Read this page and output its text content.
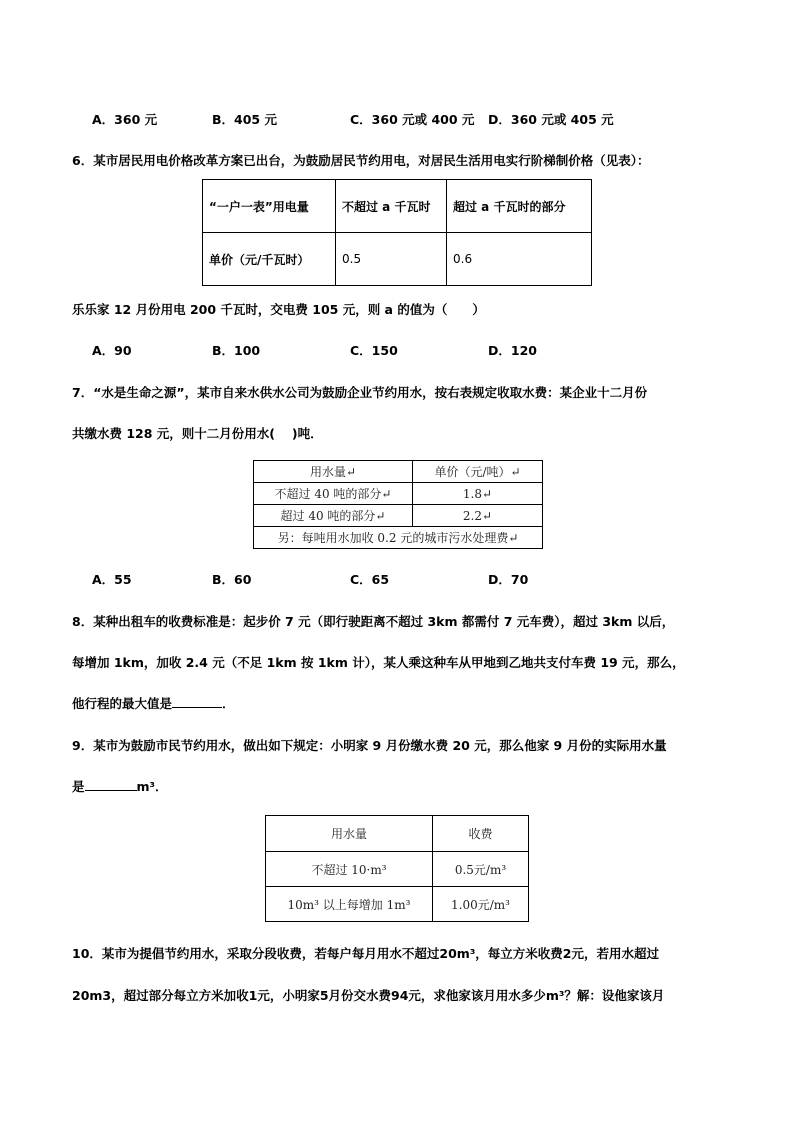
A．360 元	B．405 元	C．360 元或 400 元 D．360 元或 405 元
6．某市居民用电价格改革方案已出台，为鼓励居民节约用电，对居民生活用电实行阶梯制价格（见表）：
“一户一表”用电量	不超过 a 千瓦时	超过 a 千瓦时的部分
单价（元/千瓦时）	0.5	0.6
乐乐家 12 月份用电 200 千瓦时，交电费 105 元，则 a 的值为（　　）
A．90	B．100	C．150	D．120
7．“水是生命之源”，某市自来水供水公司为鼓励企业节约用水，按右表规定收取水费：某企业十二月份
共缴水费 128 元，则十二月份用水(　 )吨．
用水量↵	单价（元/吨）↵
不超过 40 吨的部分↵	1.8↵
超过 40 吨的部分↵	2.2↵
另：每吨用水加收 0.2 元的城市污水处理费↵	
A．55	B．60	C．65	D．70
8．某种出租车的收费标准是：起步价 7 元（即行驶距离不超过 3km 都需付 7 元车费），超过 3km 以后，
每增加 1km，加收 2.4 元（不足 1km 按 1km 计），某人乘这种车从甲地到乙地共支付车费 19 元，那么，
他行程的最大值是	．
9．某市为鼓励市民节约用水，做出如下规定：小明家 9 月份缴水费 20 元，那么他家 9 月份的实际用水量
是	m³．
用水量	收费
不超过 10·m³	0.5元/m³
10m³ 以上每增加 1m³	1.00元/m³
10．某市为提倡节约用水，采取分段收费，若每户每月用水不超过20m³，每立方米收费2元，若用水超过
20m3，超过部分每立方米加收1元，小明家5月份交水费94元，求他家该月用水多少m³？解：设他家该月
